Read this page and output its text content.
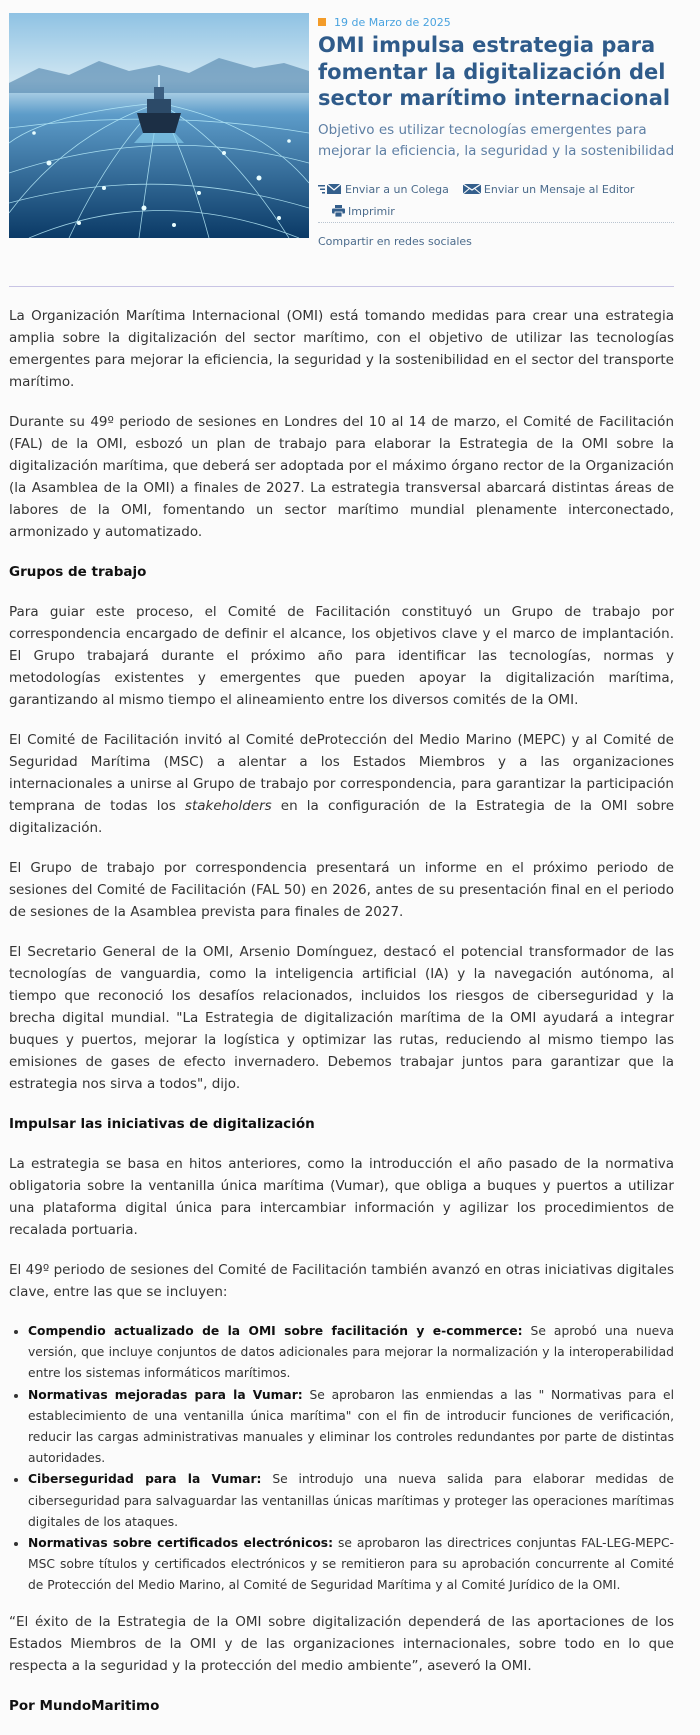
19 de Marzo de 2025
OMI impulsa estrategia para fomentar la digitalización del sector marítimo internacional

Objetivo es utilizar tecnologías emergentes para mejorar la eficiencia, la seguridad y la sostenibilidad

Enviar a un Colega	Enviar un Mensaje al Editor
Imprimir
Compartir en redes sociales

La Organización Marítima Internacional (OMI) está tomando medidas para crear una estrategia amplia sobre la digitalización del sector marítimo, con el objetivo de utilizar las tecnologías emergentes para mejorar la eficiencia, la seguridad y la sostenibilidad en el sector del transporte marítimo.

Durante su 49º periodo de sesiones en Londres del 10 al 14 de marzo, el Comité de Facilitación (FAL) de la OMI, esbozó un plan de trabajo para elaborar la Estrategia de la OMI sobre la digitalización marítima, que deberá ser adoptada por el máximo órgano rector de la Organización (la Asamblea de la OMI) a finales de 2027. La estrategia transversal abarcará distintas áreas de labores de la OMI, fomentando un sector marítimo mundial plenamente interconectado, armonizado y automatizado.

Grupos de trabajo

Para guiar este proceso, el Comité de Facilitación constituyó un Grupo de trabajo por correspondencia encargado de definir el alcance, los objetivos clave y el marco de implantación. El Grupo trabajará durante el próximo año para identificar las tecnologías, normas y metodologías existentes y emergentes que pueden apoyar la digitalización marítima, garantizando al mismo tiempo el alineamiento entre los diversos comités de la OMI.

El Comité de Facilitación invitó al Comité deProtección del Medio Marino (MEPC) y al Comité de Seguridad Marítima (MSC) a alentar a los Estados Miembros y a las organizaciones internacionales a unirse al Grupo de trabajo por correspondencia, para garantizar la participación temprana de todas los stakeholders en la configuración de la Estrategia de la OMI sobre digitalización.

El Grupo de trabajo por correspondencia presentará un informe en el próximo periodo de sesiones del Comité de Facilitación (FAL 50) en 2026, antes de su presentación final en el periodo de sesiones de la Asamblea prevista para finales de 2027.

El Secretario General de la OMI, Arsenio Domínguez, destacó el potencial transformador de las tecnologías de vanguardia, como la inteligencia artificial (IA) y la navegación autónoma, al tiempo que reconoció los desafíos relacionados, incluidos los riesgos de ciberseguridad y la brecha digital mundial. "La Estrategia de digitalización marítima de la OMI ayudará a integrar buques y puertos, mejorar la logística y optimizar las rutas, reduciendo al mismo tiempo las emisiones de gases de efecto invernadero. Debemos trabajar juntos para garantizar que la estrategia nos sirva a todos", dijo.

Impulsar las iniciativas de digitalización

La estrategia se basa en hitos anteriores, como la introducción el año pasado de la normativa obligatoria sobre la ventanilla única marítima (Vumar), que obliga a buques y puertos a utilizar una plataforma digital única para intercambiar información y agilizar los procedimientos de recalada portuaria.

El 49º periodo de sesiones del Comité de Facilitación también avanzó en otras iniciativas digitales clave, entre las que se incluyen:

• Compendio actualizado de la OMI sobre facilitación y e-commerce: Se aprobó una nueva versión, que incluye conjuntos de datos adicionales para mejorar la normalización y la interoperabilidad entre los sistemas informáticos marítimos.
• Normativas mejoradas para la Vumar: Se aprobaron las enmiendas a las " Normativas para el establecimiento de una ventanilla única marítima" con el fin de introducir funciones de verificación, reducir las cargas administrativas manuales y eliminar los controles redundantes por parte de distintas autoridades.
• Ciberseguridad para la Vumar: Se introdujo una nueva salida para elaborar medidas de ciberseguridad para salvaguardar las ventanillas únicas marítimas y proteger las operaciones marítimas digitales de los ataques.
• Normativas sobre certificados electrónicos: se aprobaron las directrices conjuntas FAL-LEG-MEPC-MSC sobre títulos y certificados electrónicos y se remitieron para su aprobación concurrente al Comité de Protección del Medio Marino, al Comité de Seguridad Marítima y al Comité Jurídico de la OMI.

“El éxito de la Estrategia de la OMI sobre digitalización dependerá de las aportaciones de los Estados Miembros de la OMI y de las organizaciones internacionales, sobre todo en lo que respecta a la seguridad y la protección del medio ambiente”, aseveró la OMI.

Por MundoMaritimo
